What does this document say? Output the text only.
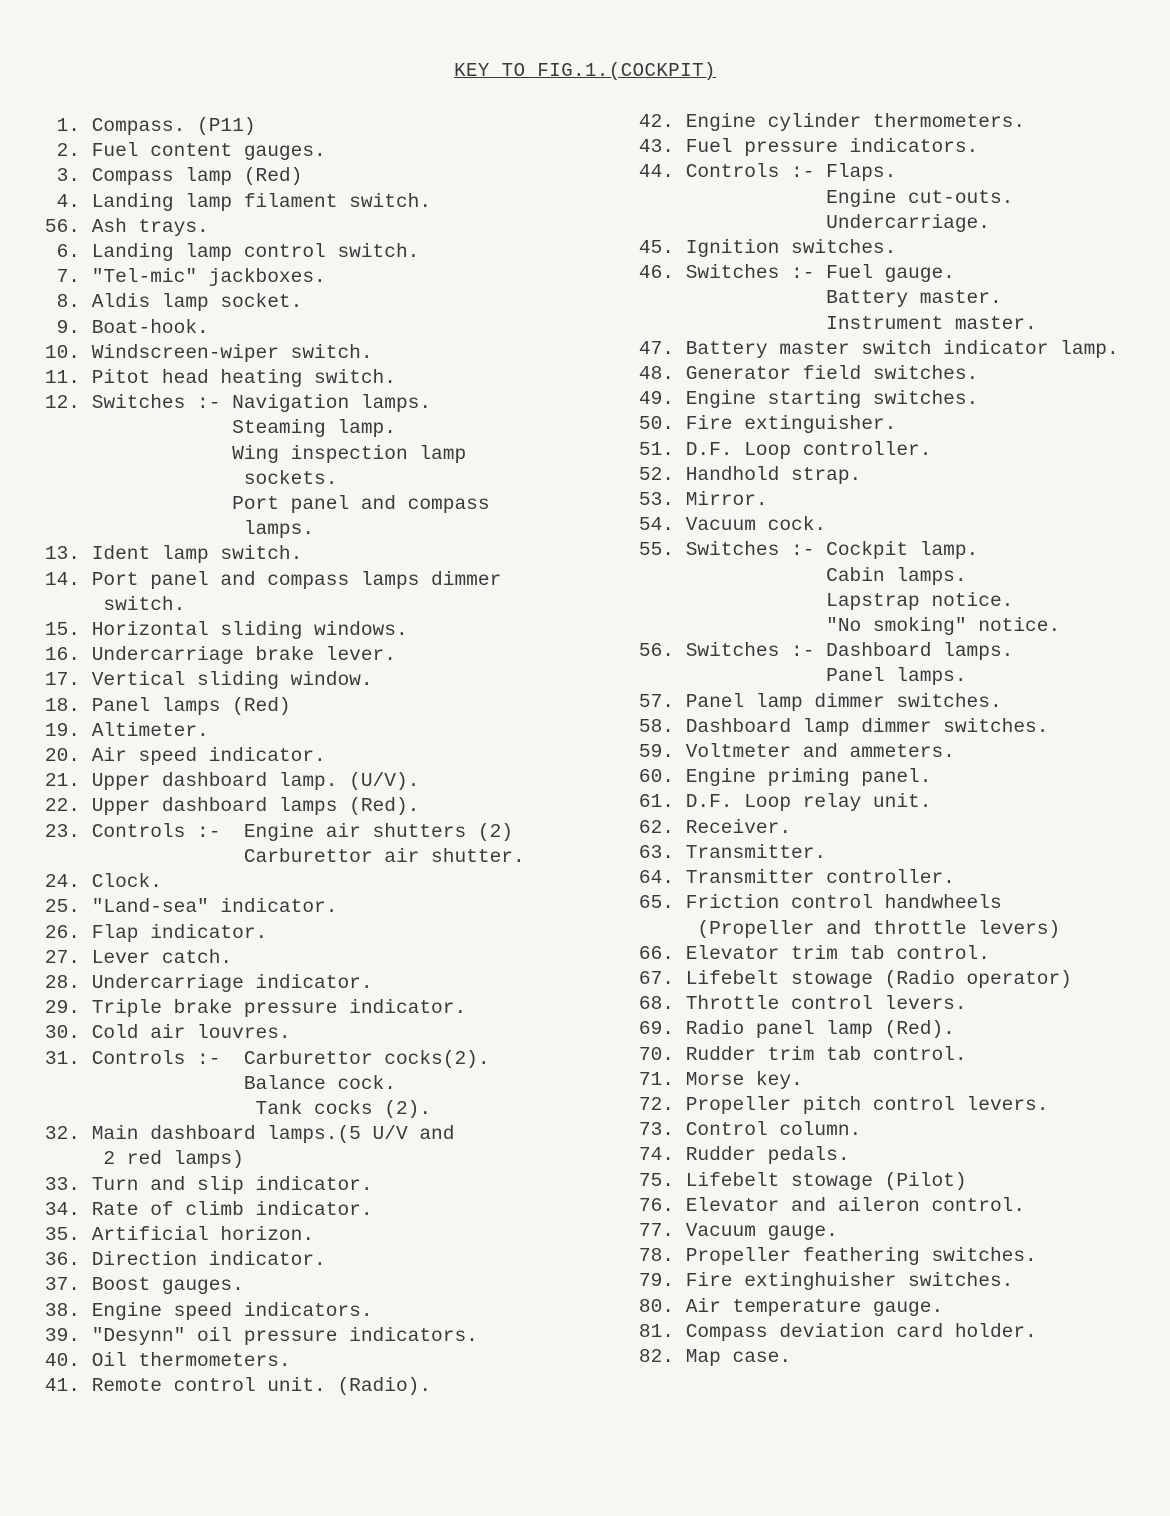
KEY TO FIG.1.(COCKPIT)
1. Compass. (P11)
2. Fuel content gauges.
3. Compass lamp (Red)
4. Landing lamp filament switch.
56. Ash trays.
6. Landing lamp control switch.
7. "Tel-mic" jackboxes.
8. Aldis lamp socket.
9. Boat-hook.
10. Windscreen-wiper switch.
11. Pitot head heating switch.
12. Switches :- Navigation lamps.
Steaming lamp.
Wing inspection lamp
sockets.
Port panel and compass
lamps.
13. Ident lamp switch.
14. Port panel and compass lamps dimmer
switch.
15. Horizontal sliding windows.
16. Undercarriage brake lever.
17. Vertical sliding window.
18. Panel lamps (Red)
19. Altimeter.
20. Air speed indicator.
21. Upper dashboard lamp. (U/V).
22. Upper dashboard lamps (Red).
23. Controls :-  Engine air shutters (2)
Carburettor air shutter.
24. Clock.
25. "Land-sea" indicator.
26. Flap indicator.
27. Lever catch.
28. Undercarriage indicator.
29. Triple brake pressure indicator.
30. Cold air louvres.
31. Controls :-  Carburettor cocks(2).
Balance cock.
Tank cocks (2).
32. Main dashboard lamps.(5 U/V and
2 red lamps)
33. Turn and slip indicator.
34. Rate of climb indicator.
35. Artificial horizon.
36. Direction indicator.
37. Boost gauges.
38. Engine speed indicators.
39. "Desynn" oil pressure indicators.
40. Oil thermometers.
41. Remote control unit. (Radio).
42. Engine cylinder thermometers.
43. Fuel pressure indicators.
44. Controls :- Flaps.
Engine cut-outs.
Undercarriage.
45. Ignition switches.
46. Switches :- Fuel gauge.
Battery master.
Instrument master.
47. Battery master switch indicator lamp.
48. Generator field switches.
49. Engine starting switches.
50. Fire extinguisher.
51. D.F. Loop controller.
52. Handhold strap.
53. Mirror.
54. Vacuum cock.
55. Switches :- Cockpit lamp.
Cabin lamps.
Lapstrap notice.
"No smoking" notice.
56. Switches :- Dashboard lamps.
Panel lamps.
57. Panel lamp dimmer switches.
58. Dashboard lamp dimmer switches.
59. Voltmeter and ammeters.
60. Engine priming panel.
61. D.F. Loop relay unit.
62. Receiver.
63. Transmitter.
64. Transmitter controller.
65. Friction control handwheels
(Propeller and throttle levers)
66. Elevator trim tab control.
67. Lifebelt stowage (Radio operator)
68. Throttle control levers.
69. Radio panel lamp (Red).
70. Rudder trim tab control.
71. Morse key.
72. Propeller pitch control levers.
73. Control column.
74. Rudder pedals.
75. Lifebelt stowage (Pilot)
76. Elevator and aileron control.
77. Vacuum gauge.
78. Propeller feathering switches.
79. Fire extinghuisher switches.
80. Air temperature gauge.
81. Compass deviation card holder.
82. Map case.
